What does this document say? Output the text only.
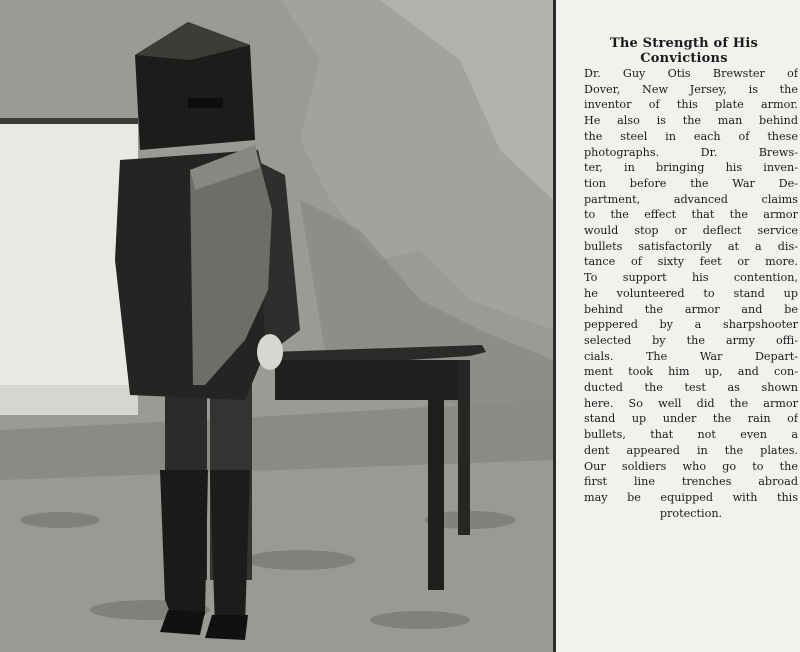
The Strength of His
Convictions

Dr. Guy Otis Brewster of
Dover, New Jersey, is the
inventor of this plate armor.
He also is the man behind
the steel in each of these
photographs. Dr. Brews-
ter, in bringing his inven-
tion before the War De-
partment, advanced claims
to the effect that the armor
would stop or deflect service
bullets satisfactorily at a dis-
tance of sixty feet or more.
To support his contention,
he volunteered to stand up
behind the armor and be
peppered by a sharpshooter
selected by the army offi-
cials. The War Depart-
ment took him up, and con-
ducted the test as shown
here. So well did the armor
stand up under the rain of
bullets, that not even a
dent appeared in the plates.
Our soldiers who go to the
first line trenches abroad
may be equipped with this
protection.
